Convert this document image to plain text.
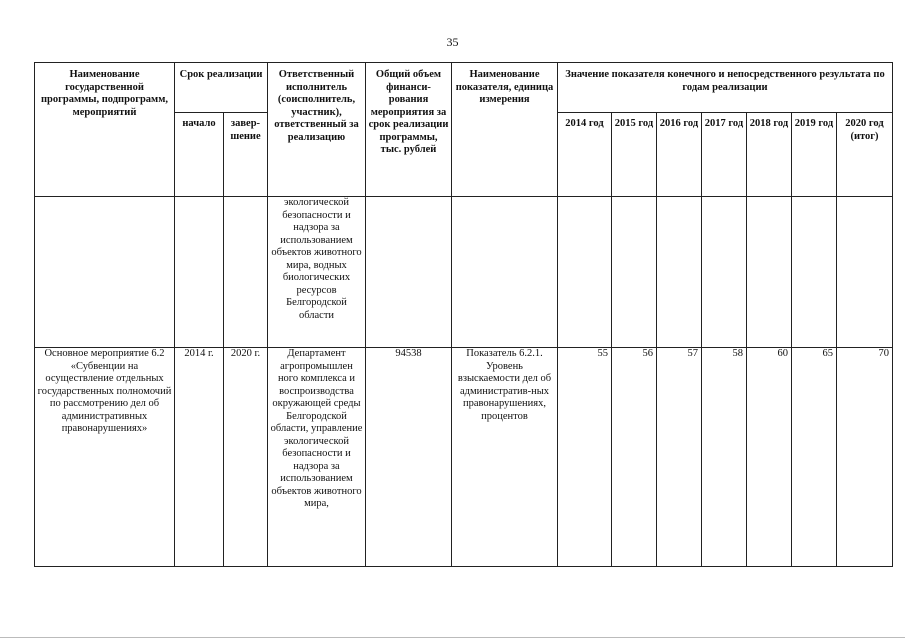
35
Наименование государственной программы, подпрограмм, мероприятий	Срок реализации		Ответственный исполнитель (соисполнитель, участник), ответственный за реализацию	Общий объем финанси-рования мероприятия за срок реализации программы, тыс. рублей	Наименование показателя, единица измерения	Значение показателя конечного и непосредственного результата по годам реализации						
	начало	завер-шение				2014 год	2015 год	2016 год	2017 год	2018 год	2019 год	2020 год (итог)
			экологической безопасности и надзора за использованием объектов животного мира, водных биологических ресурсов Белгородской области									
Основное мероприятие 6.2 «Субвенции на осуществление отдельных государственных полномочий по рассмотрению дел об административных правонарушениях»	2014 г.	2020 г.	Департамент агропромышлен ного комплекса и воспроизводства окружающей среды Белгородской области, управление экологической безопасности и надзора за использованием объектов животного мира,	94538	Показатель 6.2.1. Уровень взыскаемости дел об административ-ных правонарушениях, процентов	55	56	57	58	60	65	70
